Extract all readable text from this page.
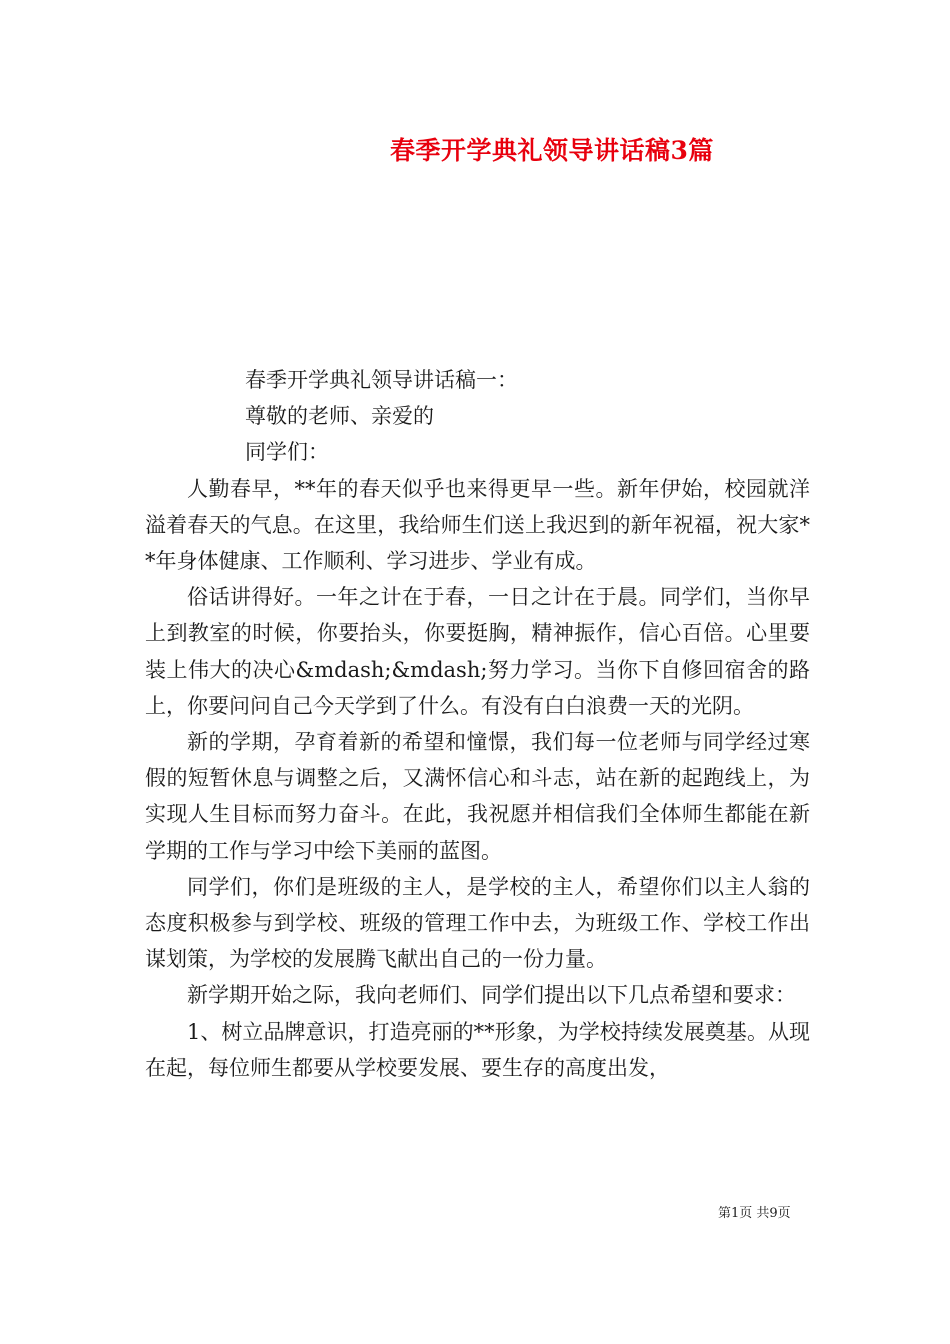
春季开学典礼领导讲话稿3篇

春季开学典礼领导讲话稿一：

尊敬的老师、亲爱的

同学们：

人勤春早，**年的春天似乎也来得更早一些。新年伊始，校园就洋溢着春天的气息。在这里，我给师生们送上我迟到的新年祝福，祝大家**年身体健康、工作顺利、学习进步、学业有成。

俗话讲得好。一年之计在于春，一日之计在于晨。同学们，当你早上到教室的时候，你要抬头，你要挺胸，精神振作，信心百倍。心里要装上伟大的决心&mdash;&mdash;努力学习。当你下自修回宿舍的路上，你要问问自己今天学到了什么。有没有白白浪费一天的光阴。

新的学期，孕育着新的希望和憧憬，我们每一位老师与同学经过寒假的短暂休息与调整之后，又满怀信心和斗志，站在新的起跑线上，为实现人生目标而努力奋斗。在此，我祝愿并相信我们全体师生都能在新学期的工作与学习中绘下美丽的蓝图。

同学们，你们是班级的主人，是学校的主人，希望你们以主人翁的态度积极参与到学校、班级的管理工作中去，为班级工作、学校工作出谋划策，为学校的发展腾飞献出自己的一份力量。

新学期开始之际，我向老师们、同学们提出以下几点希望和要求：

1、树立品牌意识，打造亮丽的**形象，为学校持续发展奠基。从现在起，每位师生都要从学校要发展、要生存的高度出发，

第1页 共9页
